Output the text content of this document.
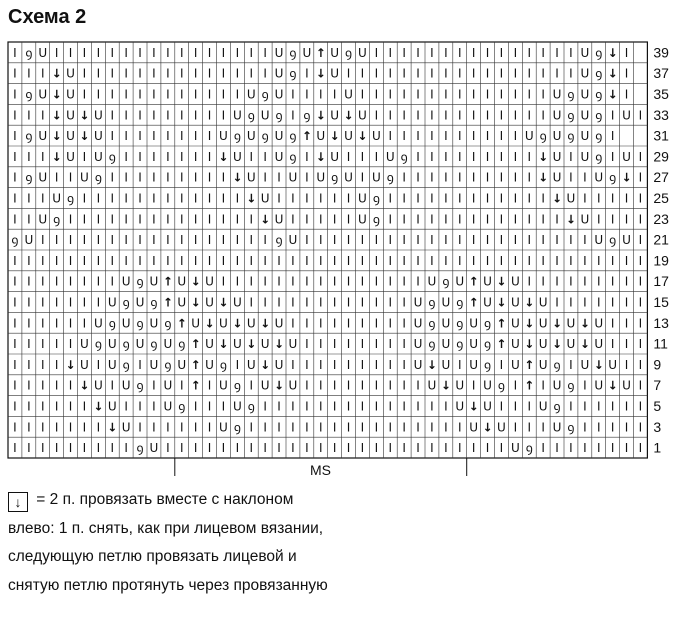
Схема 2
I ꝯ U I I I I I I I I I I I I I I I I U ꝯ U ↑ U ꝯ U I I I I I I I I I I I I I I I U ꝯ ↓ I 39
I I I ↓ U I I I I I I I I I I I I I I U ꝯ I ↓ U I I I I I I I I I I I I I I I I I U ꝯ ↓ I 37
I ꝯ U ↓ U I I I I I I I I I I I I U ꝯ U I I I I U I I I I I I I I I I I I I I U ꝯ U ꝯ ↓ I 35
I I I ↓ U ↓ U I I I I I I I I I U ꝯ U ꝯ I ꝯ ↓ U ↓ U I I I I I I I I I I I I I U ꝯ U ꝯ I U I 33
I ꝯ U ↓ U ↓ U I I I I I I I I U ꝯ U ꝯ U ꝯ ↑ U ↓ U ↓ U I I I I I I I I I I U ꝯ U ꝯ U ꝯ I	31
I I I ↓ U I U ꝯ I I I I I I I ↓ U I I U ꝯ I ↓ U I I I U ꝯ I I I I I I I I I ↓ U I U ꝯ I U I 29
I ꝯ U I I U ꝯ I I I I I I I I I ↓ U I I U I U ꝯ U I U ꝯ I I I I I I I I I I ↓ U I I U ꝯ ↓ I 27
I I I U ꝯ I I I I I I I I I I I I ↓ U I I I I I I U ꝯ I I I I I I I I I I I I ↓ U I I I I I 25
I I U ꝯ I I I I I I I I I I I I I I ↓ U I I I I I U ꝯ I I I I I I I I I I I I I ↓ U I I I I 23
ꝯ U I I I I I I I I I I I I I I I I I ꝯ U I I I I I I I I I I I I I I I I I I I I I U ꝯ U I 21
I I I I I I I I I I I I I I I I I I I I I I I I I I I I I I I I I I I I I I I I I I I I I I 19
I I I I I I I I U ꝯ U ↑ U ↓ U I I I I I I I I I I I I I I I U ꝯ U ↑ U ↓ U I I I I I I I I I 17
I I I I I I I U ꝯ U ꝯ ↑ U ↓ U ↓ U I I I I I I I I I I I I U ꝯ U ꝯ ↑ U ↓ U ↓ U I I I I I I I 15
I I I I I I U ꝯ U ꝯ U ꝯ ↑ U ↓ U ↓ U ↓ U I I I I I I I I I U ꝯ U ꝯ U ꝯ ↑ U ↓ U ↓ U ↓ U I I I 13
I I I I I U ꝯ U ꝯ U ꝯ U ꝯ ↑ U ↓ U ↓ U ↓ U I I I I I I I I U ꝯ U ꝯ U ꝯ ↑ U ↓ U ↓ U ↓ U I I I 11
I I I I ↓ U I U ꝯ I U ꝯ U ↑ U ꝯ I U ↓ U I I I I I I I I I U ↓ U I U ꝯ I U ↑ U ꝯ I U ↓ U I I 9
I I I I I ↓ U I U ꝯ I U I ↑ I U ꝯ I U ↓ U I I I I I I I I I U ↓ U I U ꝯ I ↑ I U ꝯ I U ↓ U I 7
I I I I I I ↓ U I I I U ꝯ I I I U ꝯ I I I I I I I I I I I I I I U ↓ U I I I U ꝯ I I I I I I 5
I I I I I I I ↓ U I I I I I I U ꝯ I I I I I I I I I I I I I I I I U ↓ U I I I U ꝯ I I I I I 3
I I I I I I I I I ꝯ U I I I I I I I I I I I I I I I I I I I I I I I I I U ꝯ I I I I I I I I 1
MS
↓ = 2 п. провязать вместе с наклоном
влево: 1 п. снять, как при лицевом вязании,
следующую петлю провязать лицевой и
снятую петлю протянуть через провязанную
